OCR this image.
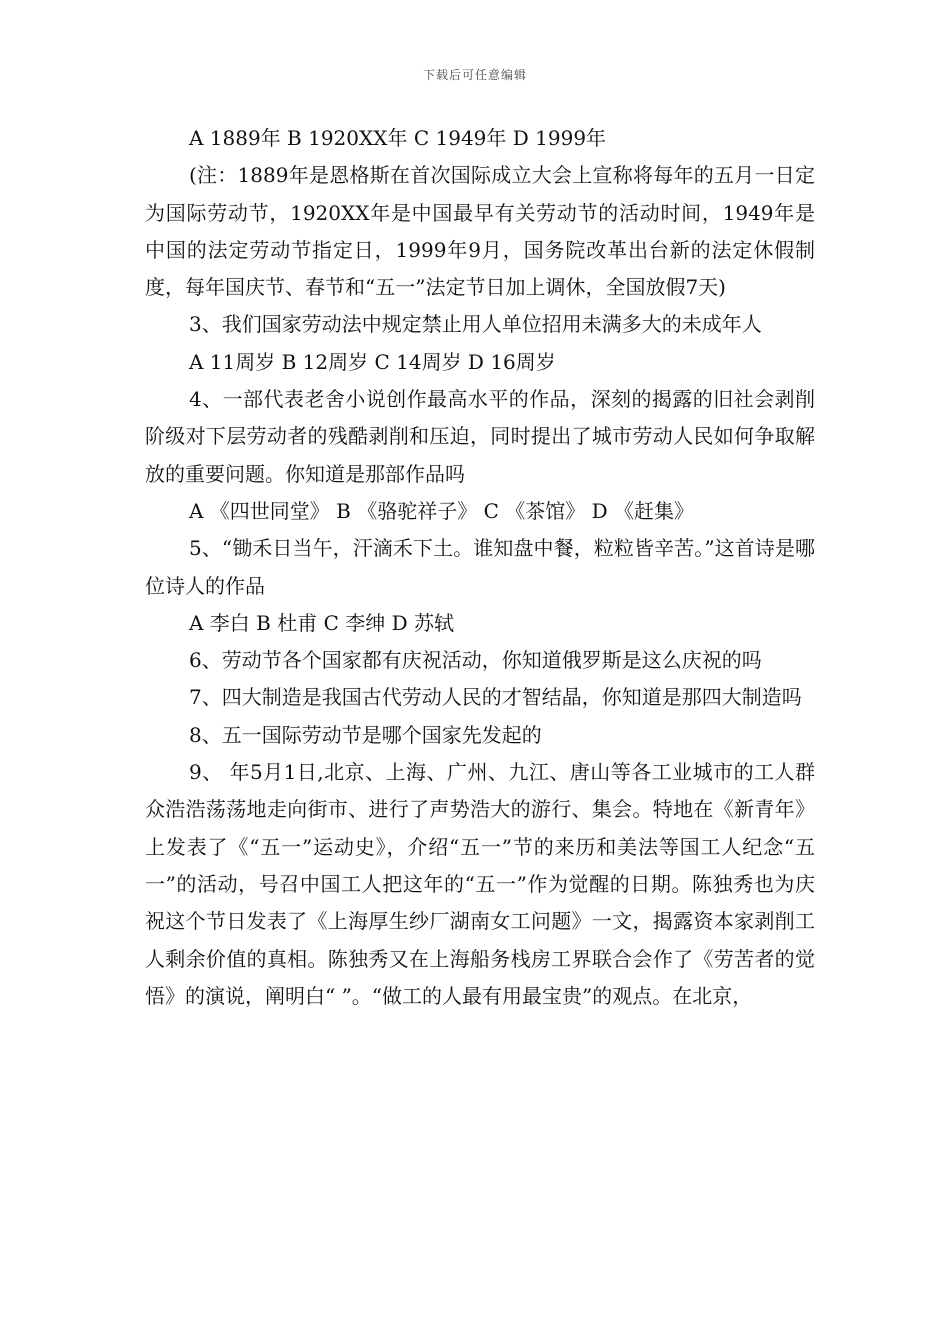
下载后可任意编辑

A 1889年 B 1920XX年 C 1949年 D 1999年

(注：1889年是恩格斯在首次国际成立大会上宣称将每年的五月一日定为国际劳动节，1920XX年是中国最早有关劳动节的活动时间，1949年是中国的法定劳动节指定日，1999年9月，国务院改革出台新的法定休假制度，每年国庆节、春节和“五一”法定节日加上调休，全国放假7天)

3、我们国家劳动法中规定禁止用人单位招用未满多大的未成年人

A 11周岁 B 12周岁 C 14周岁 D 16周岁

4、一部代表老舍小说创作最高水平的作品，深刻的揭露的旧社会剥削阶级对下层劳动者的残酷剥削和压迫，同时提出了城市劳动人民如何争取解放的重要问题。你知道是那部作品吗

A 《四世同堂》 B 《骆驼祥子》 C 《茶馆》 D 《赶集》

5、“锄禾日当午，汗滴禾下土。谁知盘中餐，粒粒皆辛苦。”这首诗是哪位诗人的作品

A 李白 B 杜甫 C 李绅 D 苏轼

6、劳动节各个国家都有庆祝活动，你知道俄罗斯是这么庆祝的吗

7、四大制造是我国古代劳动人民的才智结晶，你知道是那四大制造吗

8、五一国际劳动节是哪个国家先发起的

9、 年5月1日,北京、上海、广州、九江、唐山等各工业城市的工人群众浩浩荡荡地走向街市、进行了声势浩大的游行、集会。特地在《新青年》上发表了《“五一”运动史》，介绍“五一”节的来历和美法等国工人纪念“五一”的活动，号召中国工人把这年的“五一”作为觉醒的日期。陈独秀也为庆祝这个节日发表了《上海厚生纱厂湖南女工问题》一文，揭露资本家剥削工人剩余价值的真相。陈独秀又在上海船务栈房工界联合会作了《劳苦者的觉悟》的演说，阐明白“ ”。“做工的人最有用最宝贵”的观点。在北京，
